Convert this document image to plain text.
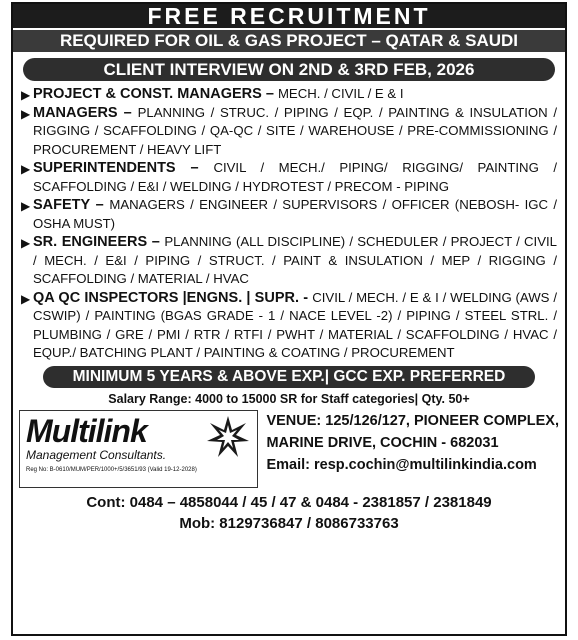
FREE RECRUITMENT
REQUIRED FOR OIL & GAS PROJECT – QATAR & SAUDI
CLIENT INTERVIEW ON 2ND & 3RD FEB, 2026
▶ PROJECT & CONST. MANAGERS – MECH. / CIVIL / E & I
▶ MANAGERS – PLANNING / STRUC. / PIPING / EQP. / PAINTING & INSULATION / RIGGING / SCAFFOLDING / QA-QC / SITE / WAREHOUSE / PRE-COMMISSIONING / PROCUREMENT / HEAVY LIFT
▶ SUPERINTENDENTS – CIVIL / MECH./ PIPING/ RIGGING/ PAINTING / SCAFFOLDING / E&I / WELDING / HYDROTEST / PRECOM - PIPING
▶ SAFETY – MANAGERS / ENGINEER / SUPERVISORS / OFFICER (NEBOSH- IGC / OSHA MUST)
▶ SR. ENGINEERS – PLANNING (ALL DISCIPLINE) / SCHEDULER / PROJECT / CIVIL / MECH. / E&I / PIPING / STRUCT. / PAINT & INSULATION / MEP / RIGGING / SCAFFOLDING / MATERIAL / HVAC
▶ QA QC INSPECTORS |ENGNS. | SUPR. - CIVIL / MECH. / E & I / WELDING (AWS / CSWIP) / PAINTING (BGAS GRADE - 1 / NACE LEVEL -2) / PIPING / STEEL STRL. / PLUMBING / GRE / PMI / RTR / RTFI / PWHT / MATERIAL / SCAFFOLDING / HVAC / EQUP./ BATCHING PLANT / PAINTING & COATING / PROCUREMENT
MINIMUM 5 YEARS & ABOVE EXP.| GCC EXP. PREFERRED
Salary Range: 4000 to 15000 SR for Staff categories| Qty. 50+
Multilink
Management Consultants.
Reg No: B-0610/MUM/PER/1000+/5/3651/93 (Valid 19-12-2028)
VENUE: 125/126/127, PIONEER COMPLEX,
MARINE DRIVE, COCHIN - 682031
Email: resp.cochin@multilinkindia.com
Cont: 0484 – 4858044 / 45 / 47 & 0484 - 2381857 / 2381849
Mob: 8129736847 / 8086733763
